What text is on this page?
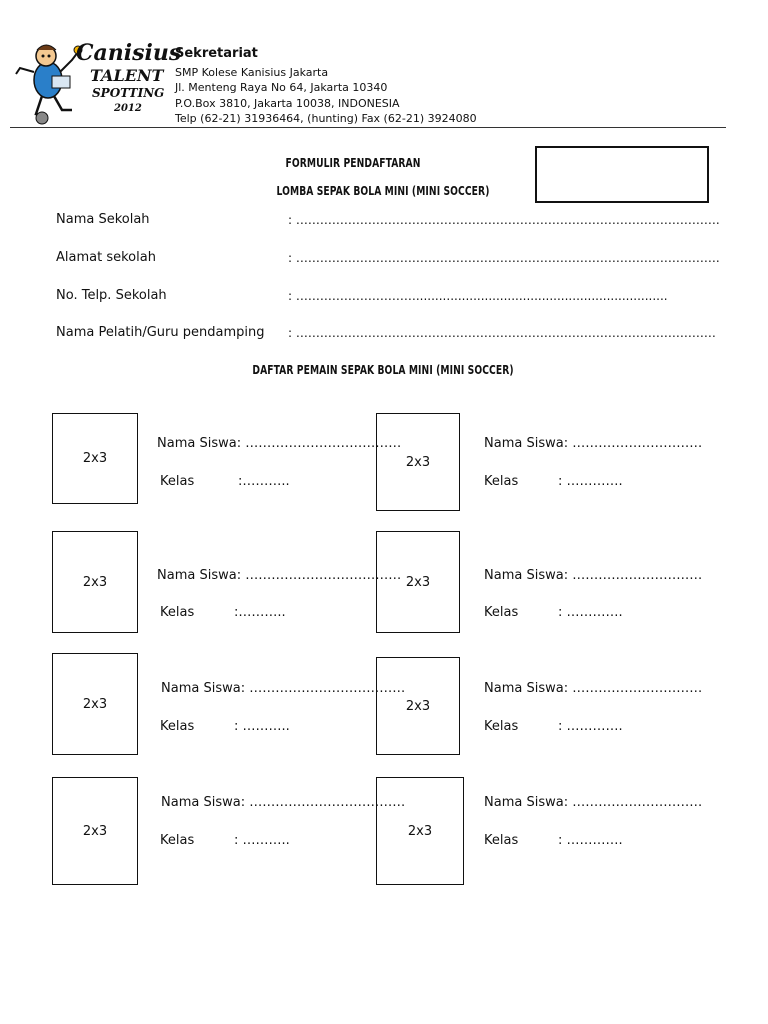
Canisius
TALENT
SPOTTING
2012
Sekretariat
SMP Kolese Kanisius Jakarta
Jl. Menteng Raya No 64, Jakarta 10340
P.O.Box 3810, Jakarta 10038, INDONESIA
Telp (62-21) 31936464, (hunting) Fax (62-21) 3924080
FORMULIR PENDAFTARAN
LOMBA SEPAK BOLA MINI (MINI SOCCER)
Nama Sekolah	: …………………………………………………………………………………………….
Alamat sekolah	: …………………………………………………………………………………………….
No. Telp. Sekolah	: …………………………..................................................................
Nama Pelatih/Guru pendamping : ……………………………………………………………………………………………
DAFTAR PEMAIN SEPAK BOLA MINI (MINI SOCCER)
2x3
Nama Siswa: ………………………………
Kelas	:………..
2x3
Nama Siswa: …………………………
Kelas	: ………….
2x3	Nama Siswa: ………………………………
Kelas	:………..
2x3	Nama Siswa: …………………………
Kelas	: ………….
2x3
Nama Siswa: ………………………………
Kelas	: ………..
2x3
Nama Siswa: …………………………
Kelas	: ………….
2x3
Nama Siswa: ………………………………
Kelas	: ………..
2x3
Nama Siswa: …………………………
Kelas	: ………….
